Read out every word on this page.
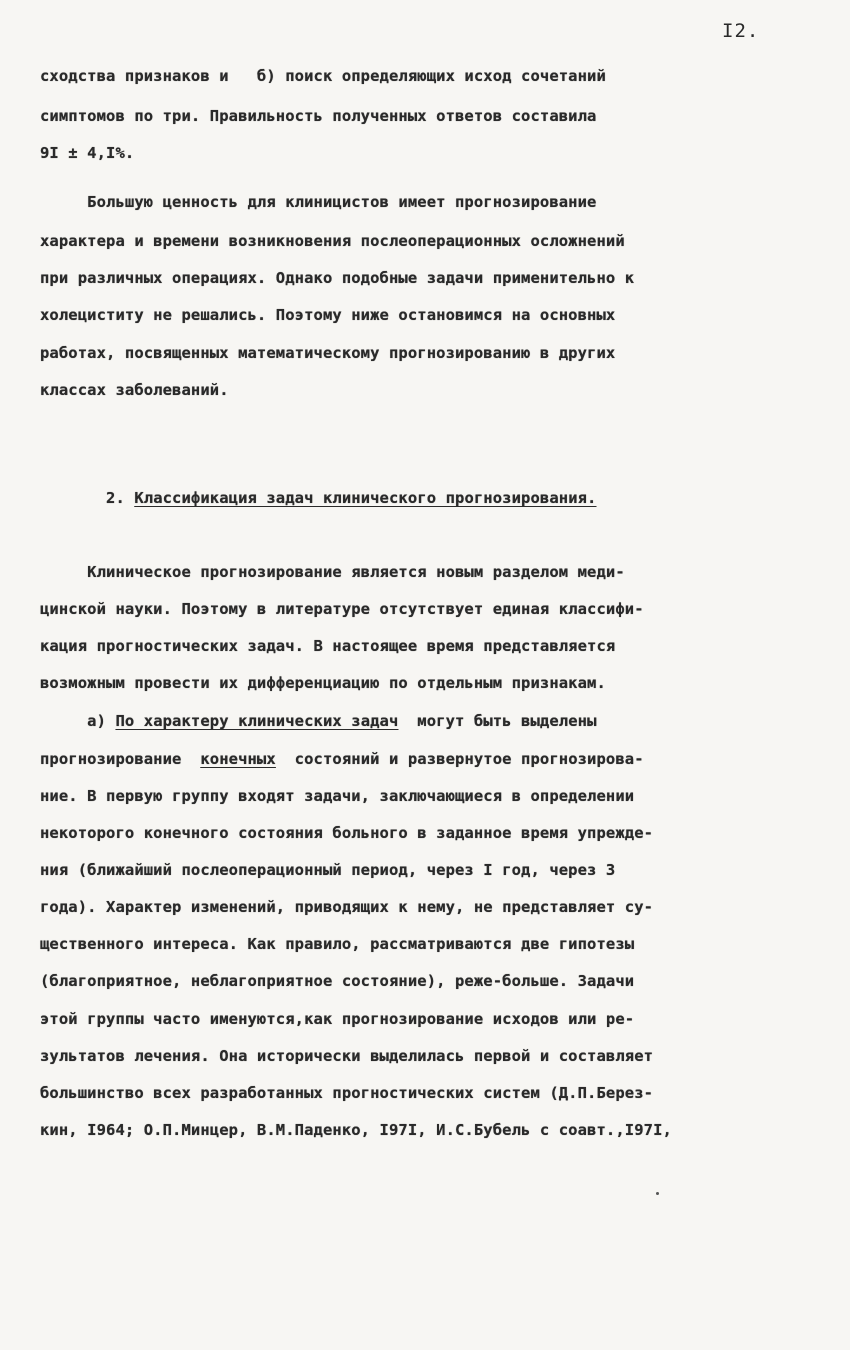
I2.
сходства признаков и   б) поиск определяющих исход сочетаний
симптомов по три. Правильность полученных ответов составила
9I ± 4,I%.
Большую ценность для клиницистов имеет прогнозирование
характера и времени возникновения послеоперационных осложнений
при различных операциях. Однако подобные задачи применительно к
холециститу не решались. Поэтому ниже остановимся на основных
работах, посвященных математическому прогнозированию в других
классах заболеваний.
2. Классификация задач клинического прогнозирования.
Клиническое прогнозирование является новым разделом меди-
цинской науки. Поэтому в литературе отсутствует единая классифи-
кация прогностических задач. В настоящее время представляется
возможным провести их дифференциацию по отдельным признакам.
а) По характеру клинических задач  могут быть выделены
прогнозирование  конечных  состояний и развернутое прогнозирова-
ние. В первую группу входят задачи, заключающиеся в определении
некоторого конечного состояния больного в заданное время упрежде-
ния (ближайший послеоперационный период, через I год, через 3
года). Характер изменений, приводящих к нему, не представляет су-
щественного интереса. Как правило, рассматриваются две гипотезы
(благоприятное, неблагоприятное состояние), реже-больше. Задачи
этой группы часто именуются,как прогнозирование исходов или ре-
зультатов лечения. Она исторически выделилась первой и составляет
большинство всех разработанных прогностических систем (Д.П.Берез-
кин, I964; О.П.Минцер, В.М.Паденко, I97I, И.С.Бубель с соавт.,I97I,
